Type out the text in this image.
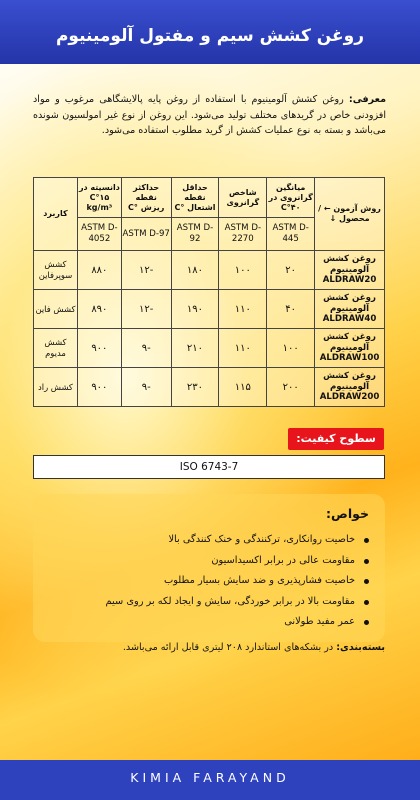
روغن کشش سیم و مفتول آلومینیوم
معرفی: روغن کشش آلومینیوم با استفاده از روغن پایه پالایشگاهی مرغوب و مواد افزودنی خاص در گریدهای مختلف تولید می‌شود. این روغن از نوع غیر امولسیون شونده می‌باشد و بسته به نوع عملیات کشش از گرید مطلوب استفاده می‌شود.
روش آزمون ← / محصول ↓	میانگین گرانروی در ۴۰°C	شاخص گرانروی	حداقل نقطه اشتعال °C	حداکثر نقطه ریزش °C	دانسیته در ۱۵°C kg/m³	کاربرد
	ASTM D-445	ASTM D-2270	ASTM D-92	ASTM D-97	ASTM D-4052	
روغن کشش آلومینیوم
ALDRAW20	۲۰	۱۰۰	۱۸۰	-۱۲	۸۸۰	کشش سوپرفاین
روغن کشش آلومینیوم
ALDRAW40	۴۰	۱۱۰	۱۹۰	-۱۲	۸۹۰	کشش فاین
روغن کشش آلومینیوم
ALDRAW100	۱۰۰	۱۱۰	۲۱۰	-۹	۹۰۰	کشش مدیوم
روغن کشش آلومینیوم
ALDRAW200	۲۰۰	۱۱۵	۲۳۰	-۹	۹۰۰	کشش راد
سطوح کیفیت:
ISO 6743-7
خواص:
خاصیت روانکاری، ترکنندگی و خنک کنندگی بالا
مقاومت عالی در برابر اکسیداسیون
خاصیت فشارپذیری و ضد سایش بسیار مطلوب
مقاومت بالا در برابر خوردگی، سایش و ایجاد لکه بر روی سیم
عمر مفید طولانی
بسته‌بندی: در بشکه‌های استاندارد ۲۰۸ لیتری قابل ارائه می‌باشد.
KIMIA FARAYAND
